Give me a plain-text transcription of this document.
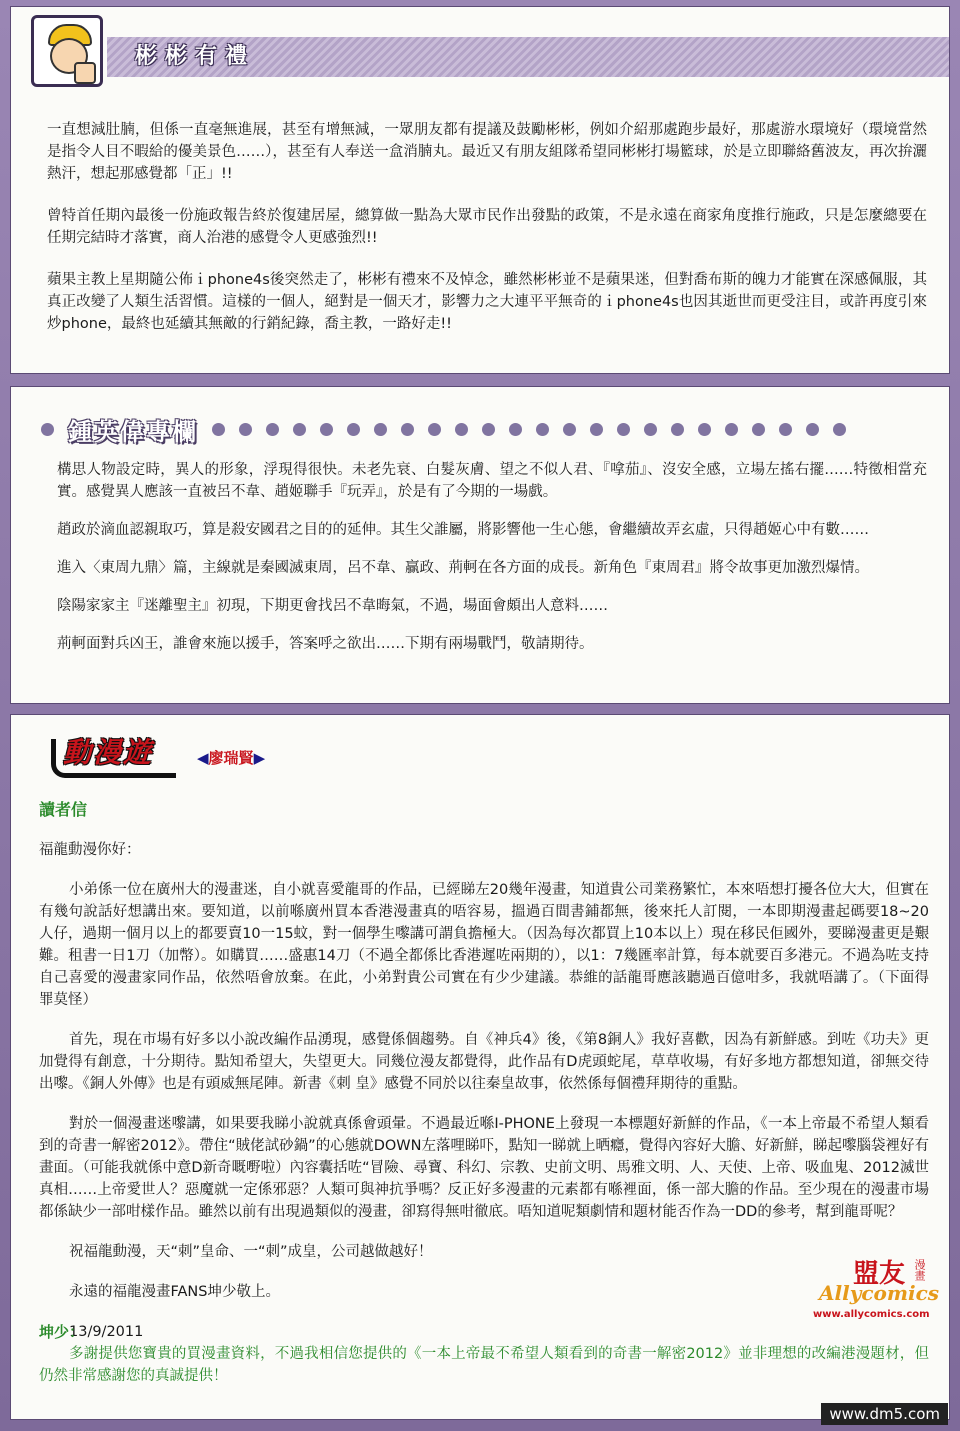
彬彬有禮

一直想減肚腩，但係一直毫無進展，甚至有增無減，一眾朋友都有提議及鼓勵彬彬，例如介紹那處跑步最好，那處游水環境好（環境當然是指令人目不暇給的優美景色……），甚至有人奉送一盒消腩丸。最近又有朋友組隊希望同彬彬打場籃球，於是立即聯絡舊波友，再次拚灑熱汗，想起那感覺都「正」!!

曾特首任期內最後一份施政報告終於復建居屋，總算做一點為大眾市民作出發點的政策，不是永遠在商家角度推行施政，只是怎麼總要在任期完結時才落實，商人治港的感覺令人更感強烈!!

蘋果主教上星期隨公佈ｉphone4s後突然走了，彬彬有禮來不及悼念，雖然彬彬並不是蘋果迷，但對喬布斯的魄力才能實在深感佩服，其真正改變了人類生活習慣。這樣的一個人，絕對是一個天才，影響力之大連平平無奇的ｉphone4s也因其逝世而更受注目，或許再度引來炒phone，最終也延續其無敵的行銷紀錄，喬主教，一路好走!!

鍾英偉專欄

構思人物設定時，異人的形象，浮現得很快。未老先衰、白髮灰膚、望之不似人君、『嗱茄』、沒安全感，立場左搖右擺……特徵相當充實。感覺異人應該一直被呂不韋、趙姬聯手『玩弄』，於是有了今期的一場戲。

趙政於滴血認親取巧，算是殺安國君之目的的延伸。其生父誰屬，將影響他一生心態，會繼續故弄玄虛，只得趙姬心中有數……

進入〈東周九鼎〉篇，主線就是秦國滅東周，呂不韋、贏政、荊軻在各方面的成長。新角色『東周君』將令故事更加激烈爆情。

陰陽家家主『迷離聖主』初現，下期更會找呂不韋晦氣，不過，場面會頗出人意料……

荊軻面對兵凶王，誰會來施以援手，答案呼之欲出……下期有兩場戰鬥，敬請期待。

動漫遊	◀廖瑞賢▶
讀者信

福龍動漫你好：

小弟係一位在廣州大的漫畫迷，自小就喜愛龍哥的作品，已經睇左20幾年漫畫，知道貴公司業務繁忙，本來唔想打擾各位大大，但實在有幾句說話好想講出來。要知道，以前喺廣州買本香港漫畫真的唔容易，搵過百間書鋪都無，後來托人訂閱，一本即期漫畫起碼要18~20人仔，過期一個月以上的都要賣10一15蚊，對一個學生嚟講可謂負擔極大。（因為每次都買上10本以上）現在移民佢國外，要睇漫畫更是艱難。租書一日1刀（加幣）。如購買……盛惠14刀（不過全都係比香港遲咗兩期的），以1：7幾匯率計算，每本就要百多港元。不過為咗支持自己喜愛的漫畫家同作品，依然唔會放棄。在此，小弟對貴公司實在有少少建議。恭維的話龍哥應該聽過百億咁多，我就唔講了。（下面得罪莫怪）

首先，現在市場有好多以小說改編作品湧現，感覺係個趨勢。自《神兵4》後，《第8銅人》我好喜歡，因為有新鮮感。到咗《功夫》更加覺得有創意，十分期待。點知希望大，失望更大。同幾位漫友都覺得，此作品有D虎頭蛇尾，草草收場，有好多地方都想知道，卻無交待出嚟。《銅人外傳》也是有頭威無尾陣。新書《刺 皇》感覺不同於以往秦皇故事，依然係每個禮拜期待的重點。

對於一個漫畫迷嚟講，如果要我睇小說就真係會頭暈。不過最近喺I-PHONE上發現一本標題好新鮮的作品，《一本上帝最不希望人類看到的奇書一解密2012》。帶住“賊佬試砂鍋”的心態就DOWN左落哩睇吓，點知一睇就上晒癮，覺得內容好大膽、好新鮮，睇起嚟腦袋裡好有畫面。（可能我就係中意D新奇嘅嘢啦）內容囊括咗“冒險、尋寶、科幻、宗教、史前文明、馬雅文明、人、天使、上帝、吸血鬼、2012滅世真相……上帝愛世人？惡魔就一定係邪惡？人類可與神抗爭嗎？反正好多漫畫的元素都有喺裡面，係一部大膽的作品。至少現在的漫畫市場都係缺少一部咁樣作品。雖然以前有出現過類似的漫畫，卻寫得無咁徹底。唔知道呢類劇情和題材能否作為一DD的參考，幫到龍哥呢？

祝福龍動漫，天“刺”皇命、一“刺”成皇，公司越做越好！

永遠的福龍漫畫FANS坤少敬上。

13/9/2011

盟友 漫畫
Allycomics
www.allycomics.com
坤少：

多謝提供您寶貴的買漫畫資料，不過我相信您提供的《一本上帝最不希望人類看到的奇書一解密2012》並非理想的改編港漫題材，但仍然非常感謝您的真誠提供！

www.dm5.com
